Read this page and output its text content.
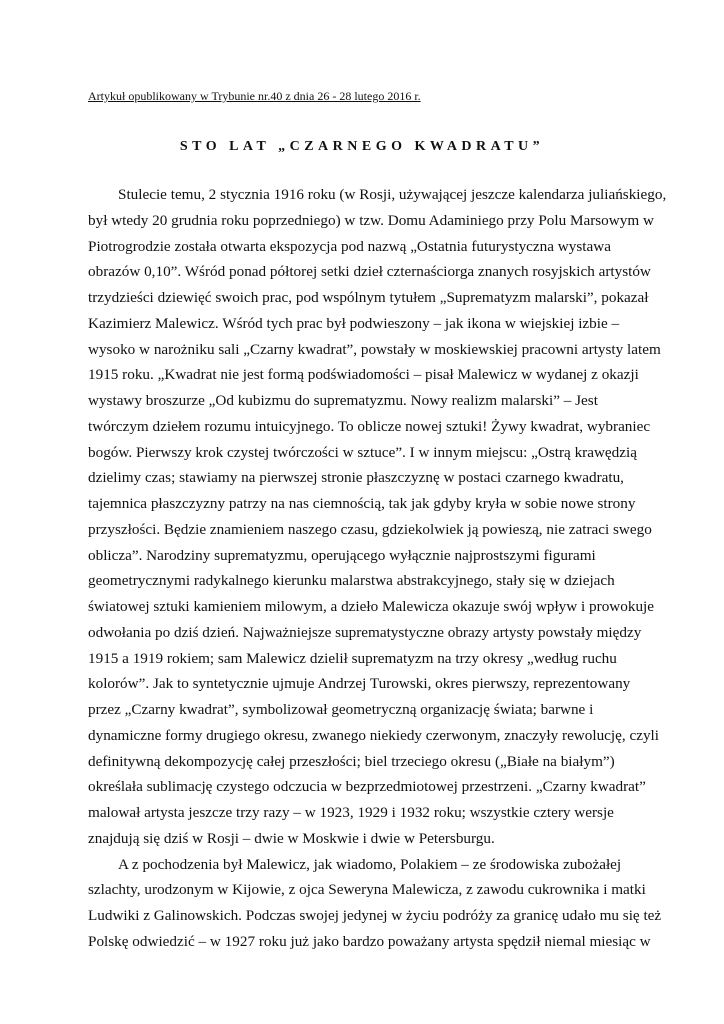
Artykuł opublikowany w Trybunie nr.40 z dnia 26 - 28 lutego 2016 r.

STO LAT „CZARNEGO KWADRATU”
Stulecie temu, 2 stycznia 1916 roku (w Rosji, używającej jeszcze kalendarza juliańskiego,
był wtedy 20 grudnia roku poprzedniego) w tzw. Domu Adaminiego przy Polu Marsowym w
Piotrogrodzie została otwarta ekspozycja pod nazwą „Ostatnia futurystyczna wystawa
obrazów 0,10”. Wśród ponad półtorej setki dzieł czternaściorga znanych rosyjskich artystów
trzydzieści dziewięć swoich prac, pod wspólnym tytułem „Suprematyzm malarski”, pokazał
Kazimierz Malewicz. Wśród tych prac był podwieszony – jak ikona w wiejskiej izbie –
wysoko w narożniku sali „Czarny kwadrat”, powstały w moskiewskiej pracowni artysty latem
1915 roku. „Kwadrat nie jest formą podświadomości – pisał Malewicz w wydanej z okazji
wystawy broszurze „Od kubizmu do suprematyzmu. Nowy realizm malarski” – Jest
twórczym dziełem rozumu intuicyjnego. To oblicze nowej sztuki! Żywy kwadrat, wybraniec
bogów. Pierwszy krok czystej twórczości w sztuce”. I w innym miejscu: „Ostrą krawędzią
dzielimy czas; stawiamy na pierwszej stronie płaszczyznę w postaci czarnego kwadratu,
tajemnica płaszczyzny patrzy na nas ciemnością, tak jak gdyby kryła w sobie nowe strony
przyszłości. Będzie znamieniem naszego czasu, gdziekolwiek ją powieszą, nie zatraci swego
oblicza”. Narodziny suprematyzmu, operującego wyłącznie najprostszymi figurami
geometrycznymi radykalnego kierunku malarstwa abstrakcyjnego, stały się w dziejach
światowej sztuki kamieniem milowym, a dzieło Malewicza okazuje swój wpływ i prowokuje
odwołania po dziś dzień. Najważniejsze suprematystyczne obrazy artysty powstały między
1915 a 1919 rokiem; sam Malewicz dzielił suprematyzm na trzy okresy „według ruchu
kolorów”. Jak to syntetycznie ujmuje Andrzej Turowski, okres pierwszy, reprezentowany
przez „Czarny kwadrat”, symbolizował geometryczną organizację świata; barwne i
dynamiczne formy drugiego okresu, zwanego niekiedy czerwonym, znaczyły rewolucję, czyli
definitywną dekompozycję całej przeszłości; biel trzeciego okresu („Białe na białym”)
określała sublimację czystego odczucia w bezprzedmiotowej przestrzeni. „Czarny kwadrat”
malował artysta jeszcze trzy razy – w 1923, 1929 i 1932 roku; wszystkie cztery wersje
znajdują się dziś w Rosji – dwie w Moskwie i dwie w Petersburgu.
A z pochodzenia był Malewicz, jak wiadomo, Polakiem – ze środowiska zubożałej
szlachty, urodzonym w Kijowie, z ojca Seweryna Malewicza, z zawodu cukrownika i matki
Ludwiki z Galinowskich. Podczas swojej jedynej w życiu podróży za granicę udało mu się też
Polskę odwiedzić – w 1927 roku już jako bardzo poważany artysta spędził niemal miesiąc w
